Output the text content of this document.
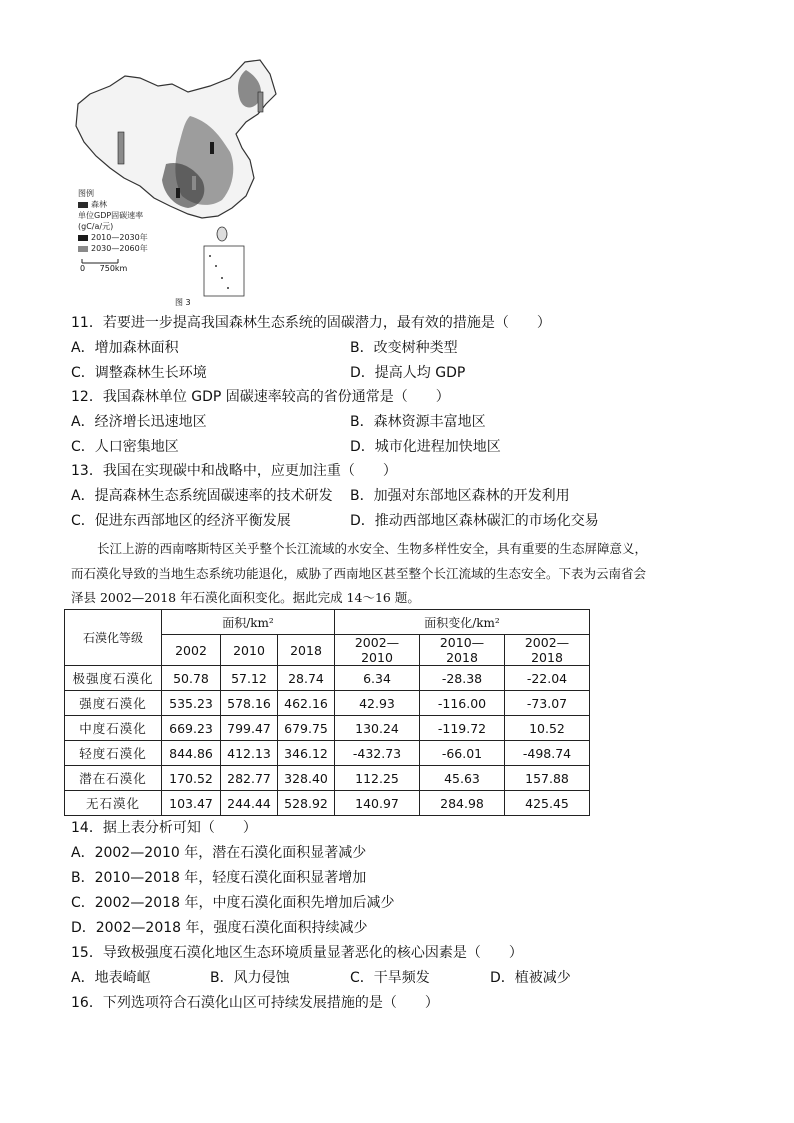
图例
森林
单位GDP固碳速率
(gC/a/元)
2010—2030年
2030—2060年
0 750km
图 3
11．若要进一步提高我国森林生态系统的固碳潜力，最有效的措施是（　　）
A．增加森林面积	B．改变树种类型
C．调整森林生长环境	D．提高人均 GDP
12．我国森林单位 GDP 固碳速率较高的省份通常是（　　）
A．经济增长迅速地区	B．森林资源丰富地区
C．人口密集地区	D．城市化进程加快地区
13．我国在实现碳中和战略中，应更加注重（　　）
A．提高森林生态系统固碳速率的技术研发 B．加强对东部地区森林的开发利用
C．促进东西部地区的经济平衡发展	D．推动西部地区森林碳汇的市场化交易
长江上游的西南喀斯特区关乎整个长江流域的水安全、生物多样性安全，具有重要的生态屏障意义，
而石漠化导致的当地生态系统功能退化，威胁了西南地区甚至整个长江流域的生态安全。下表为云南省会
泽县 2002—2018 年石漠化面积变化。据此完成 14～16 题。
石漠化等级	面积/km²			面积变化/km²		
	2002	2010	2018	2002—2010	2010—2018	2002—2018
极强度石漠化	50.78	57.12	28.74	6.34	-28.38	-22.04
强度石漠化	535.23	578.16	462.16	42.93	-116.00	-73.07
中度石漠化	669.23	799.47	679.75	130.24	-119.72	10.52
轻度石漠化	844.86	412.13	346.12	-432.73	-66.01	-498.74
潜在石漠化	170.52	282.77	328.40	112.25	45.63	157.88
无石漠化	103.47	244.44	528.92	140.97	284.98	425.45
14．据上表分析可知（　　）
A．2002—2010 年，潜在石漠化面积显著减少
B．2010—2018 年，轻度石漠化面积显著增加
C．2002—2018 年，中度石漠化面积先增加后减少
D．2002—2018 年，强度石漠化面积持续减少
15．导致极强度石漠化地区生态环境质量显著恶化的核心因素是（　　）
A．地表崎岖	B．风力侵蚀	C．干旱频发	D．植被减少
16．下列选项符合石漠化山区可持续发展措施的是（　　）
